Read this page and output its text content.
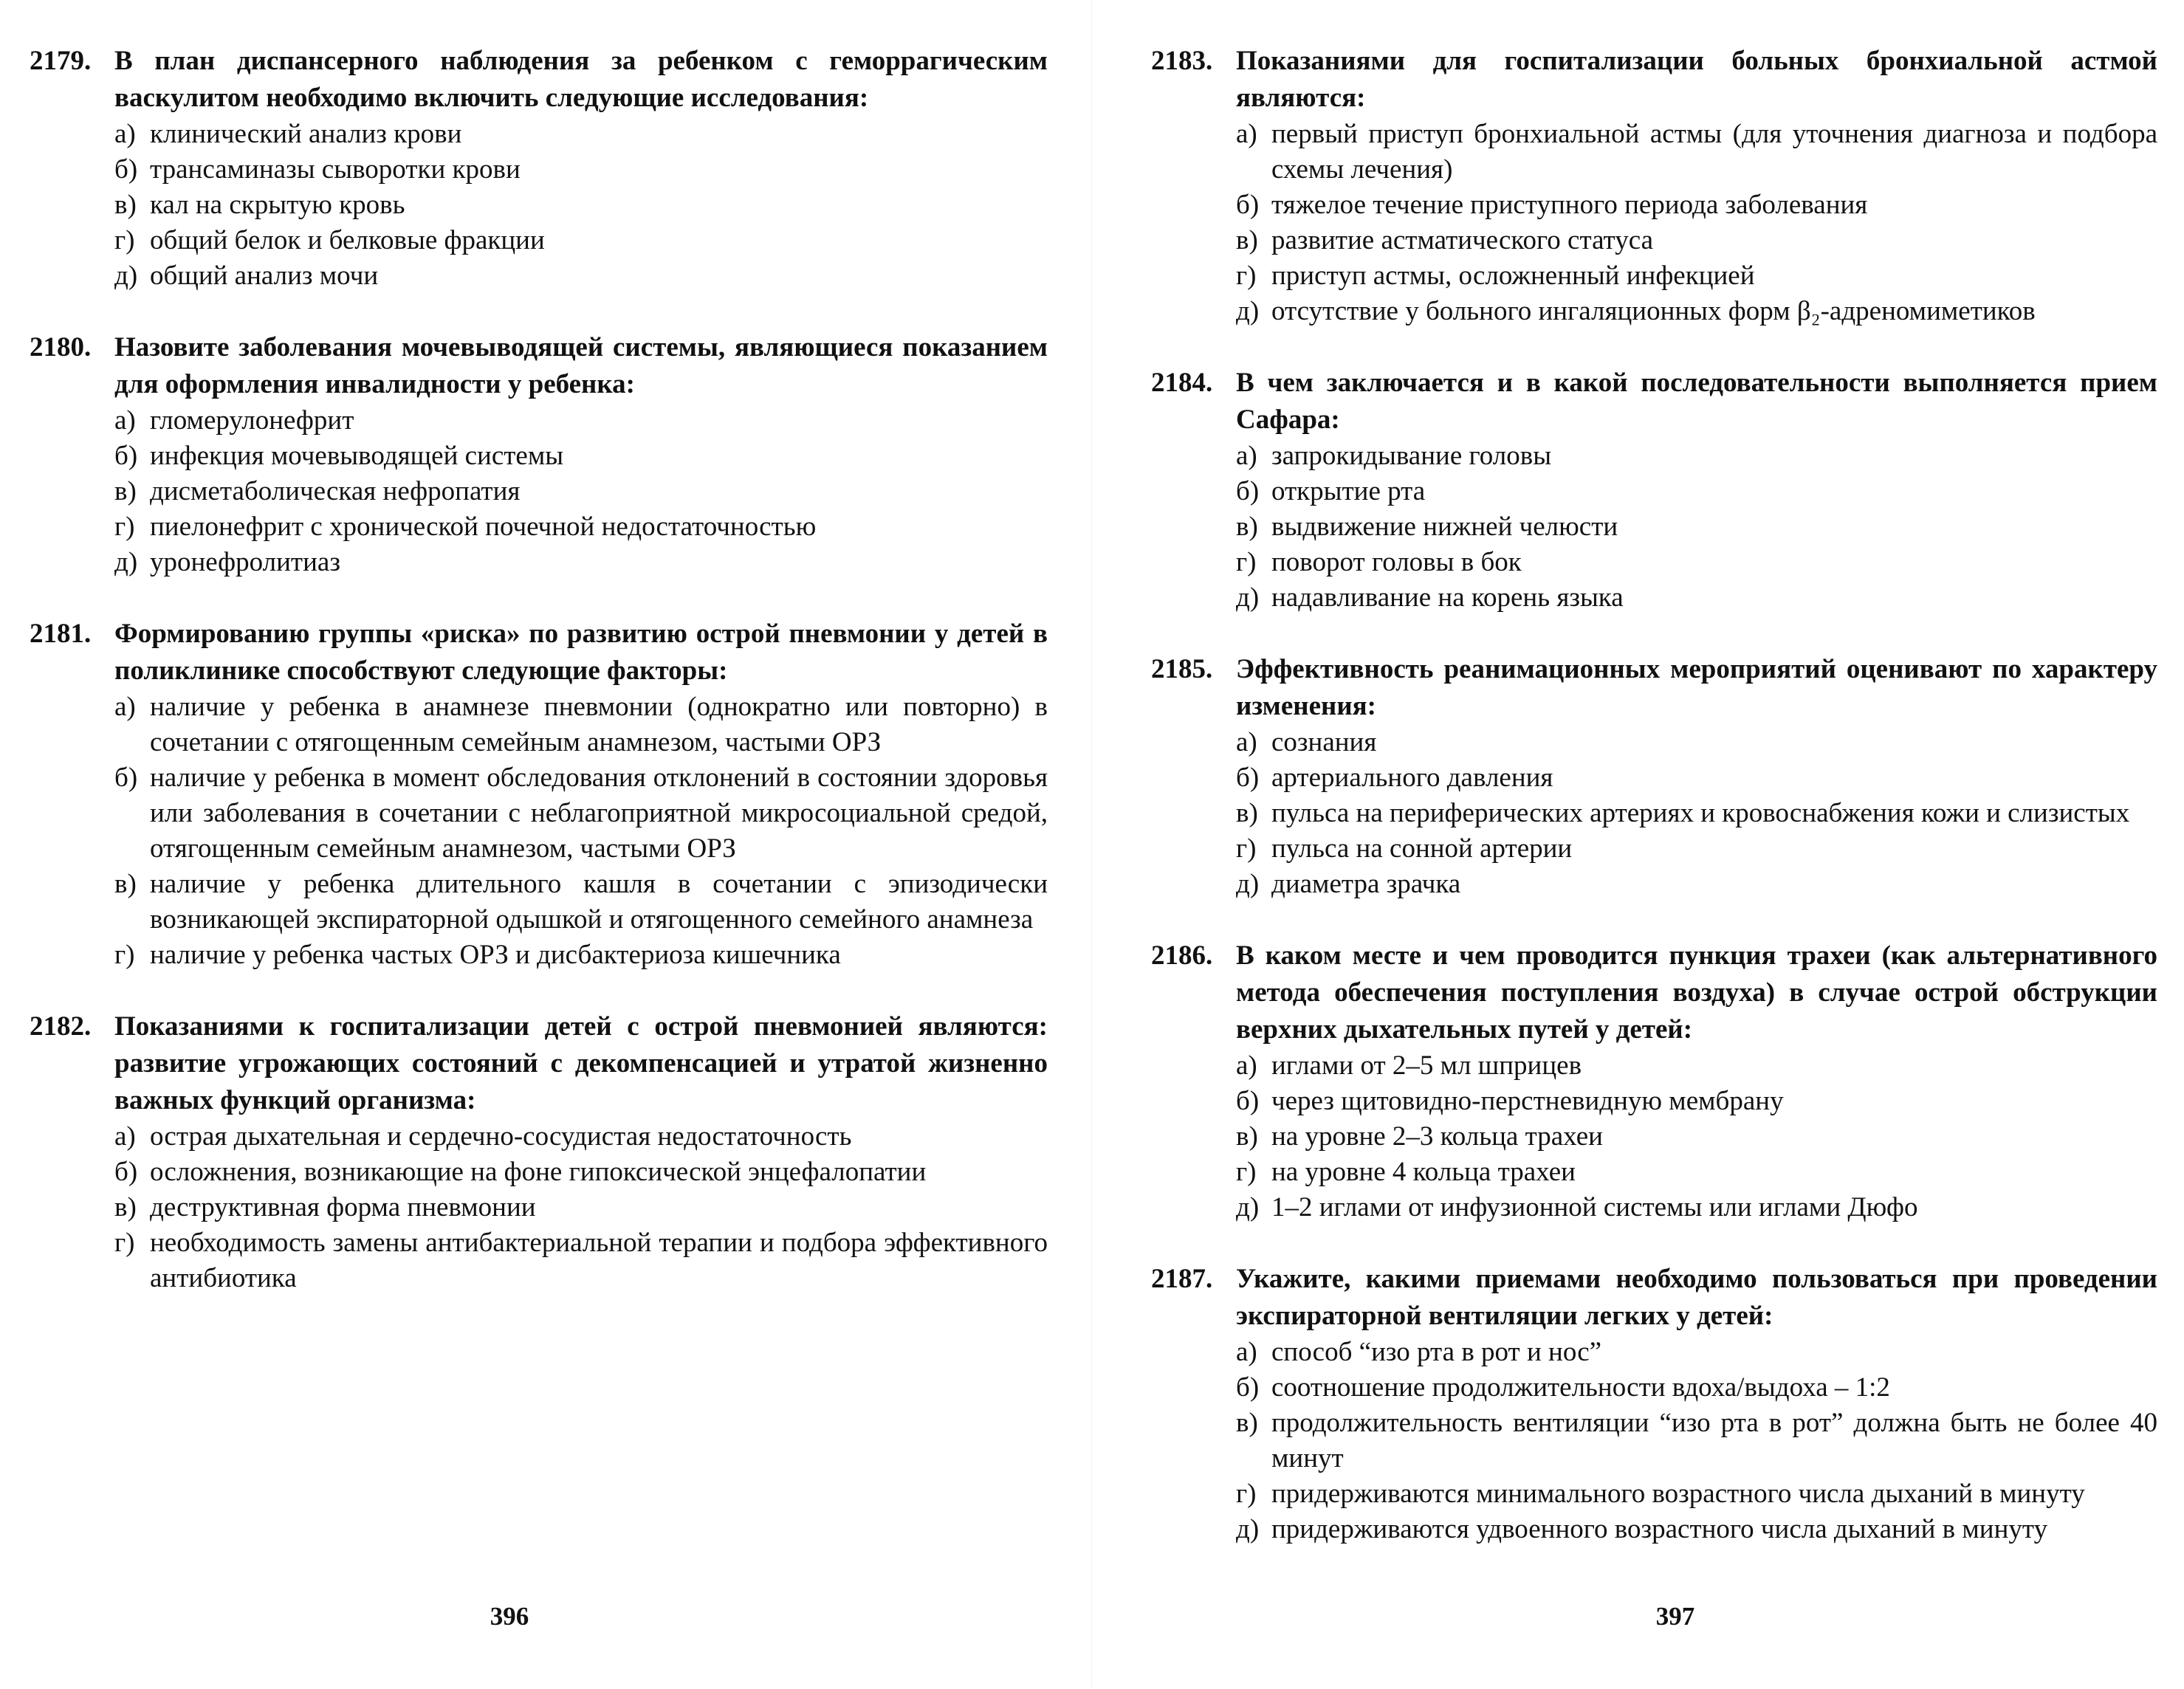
2179. В план диспансерного наблюдения за ребенком с геморрагическим васкулитом необходимо включить следующие исследования:
а) клинический анализ крови
б) трансаминазы сыворотки крови
в) кал на скрытую кровь
г) общий белок и белковые фракции
д) общий анализ мочи
2180. Назовите заболевания мочевыводящей системы, являющиеся показанием для оформления инвалидности у ребенка:
а) гломерулонефрит
б) инфекция мочевыводящей системы
в) дисметаболическая нефропатия
г) пиелонефрит с хронической почечной недостаточностью
д) уронефролитиаз
2181. Формированию группы «риска» по развитию острой пневмонии у детей в поликлинике способствуют следующие факторы:
а) наличие у ребенка в анамнезе пневмонии (однократно или повторно) в сочетании с отягощенным семейным анамнезом, частыми ОРЗ
б) наличие у ребенка в момент обследования отклонений в состоянии здоровья или заболевания в сочетании с неблагоприятной микросоциальной средой, отягощенным семейным анамнезом, частыми ОРЗ
в) наличие у ребенка длительного кашля в сочетании с эпизодически возникающей экспираторной одышкой и отягощенного семейного анамнеза
г) наличие у ребенка частых ОРЗ и дисбактериоза кишечника
2182. Показаниями к госпитализации детей с острой пневмонией являются: развитие угрожающих состояний с декомпенсацией и утратой жизненно важных функций организма:
а) острая дыхательная и сердечно-сосудистая недостаточность
б) осложнения, возникающие на фоне гипоксической энцефалопатии
в) деструктивная форма пневмонии
г) необходимость замены антибактериальной терапии и подбора эффективного антибиотика
396
2183. Показаниями для госпитализации больных бронхиальной астмой являются:
а) первый приступ бронхиальной астмы (для уточнения диагноза и подбора схемы лечения)
б) тяжелое течение приступного периода заболевания
в) развитие астматического статуса
г) приступ астмы, осложненный инфекцией
д) отсутствие у больного ингаляционных форм β₂-адреномиметиков
2184. В чем заключается и в какой последовательности выполняется прием Сафара:
а) запрокидывание головы
б) открытие рта
в) выдвижение нижней челюсти
г) поворот головы в бок
д) надавливание на корень языка
2185. Эффективность реанимационных мероприятий оценивают по характеру изменения:
а) сознания
б) артериального давления
в) пульса на периферических артериях и кровоснабжения кожи и слизистых
г) пульса на сонной артерии
д) диаметра зрачка
2186. В каком месте и чем проводится пункция трахеи (как альтернативного метода обеспечения поступления воздуха) в случае острой обструкции верхних дыхательных путей у детей:
а) иглами от 2–5 мл шприцев
б) через щитовидно-перстневидную мембрану
в) на уровне 2–3 кольца трахеи
г) на уровне 4 кольца трахеи
д) 1–2 иглами от инфузионной системы или иглами Дюфо
2187. Укажите, какими приемами необходимо пользоваться при проведении экспираторной вентиляции легких у детей:
а) способ “изо рта в рот и нос”
б) соотношение продолжительности вдоха/выдоха – 1:2
в) продолжительность вентиляции “изо рта в рот” должна быть не более 40 минут
г) придерживаются минимального возрастного числа дыханий в минуту
д) придерживаются удвоенного возрастного числа дыханий в минуту
397
